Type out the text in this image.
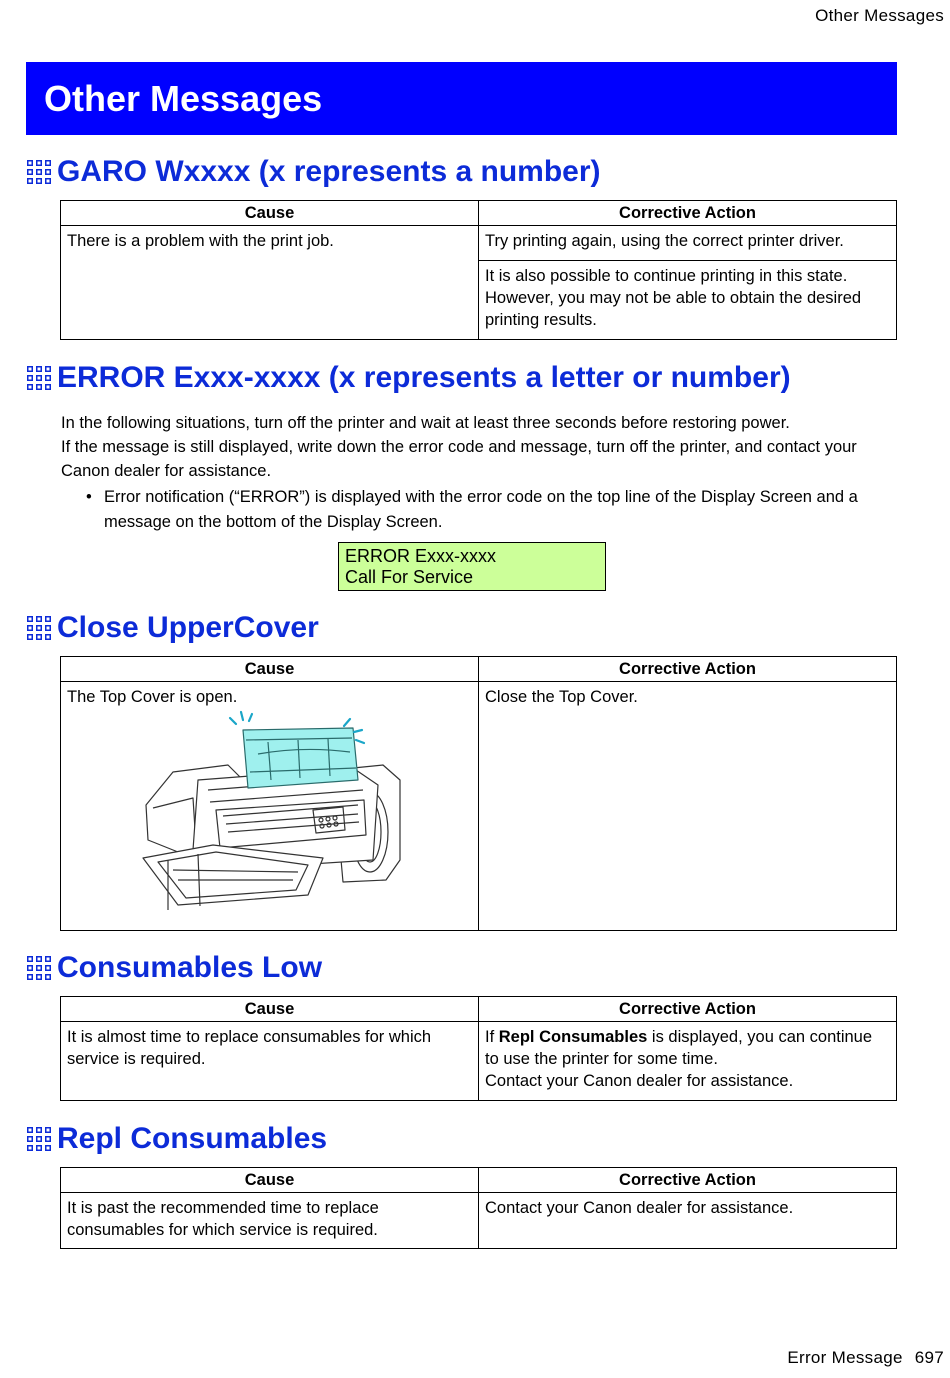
Other Messages
Other Messages
GARO Wxxxx (x represents a number)
Cause	Corrective Action
There is a problem with the print job.	Try printing again, using the correct printer driver.
	It is also possible to continue printing in this state. However, you may not be able to obtain the desired printing results.
ERROR Exxx-xxxx (x represents a letter or number)
In the following situations, turn off the printer and wait at least three seconds before restoring power.
If the message is still displayed, write down the error code and message, turn off the printer, and contact your Canon dealer for assistance.
• Error notification (“ERROR”) is displayed with the error code on the top line of the Display Screen and a message on the bottom of the Display Screen.
ERROR Exxx-xxxx
Call For Service
Close UpperCover
Cause	Corrective Action
The Top Cover is open.	Close the Top Cover.
Consumables Low
Cause	Corrective Action
It is almost time to replace consumables for which service is required.	If Repl Consumables is displayed, you can continue to use the printer for some time.
Contact your Canon dealer for assistance.
Repl Consumables
Cause	Corrective Action
It is past the recommended time to replace consumables for which service is required.	Contact your Canon dealer for assistance.
Error Message 697
